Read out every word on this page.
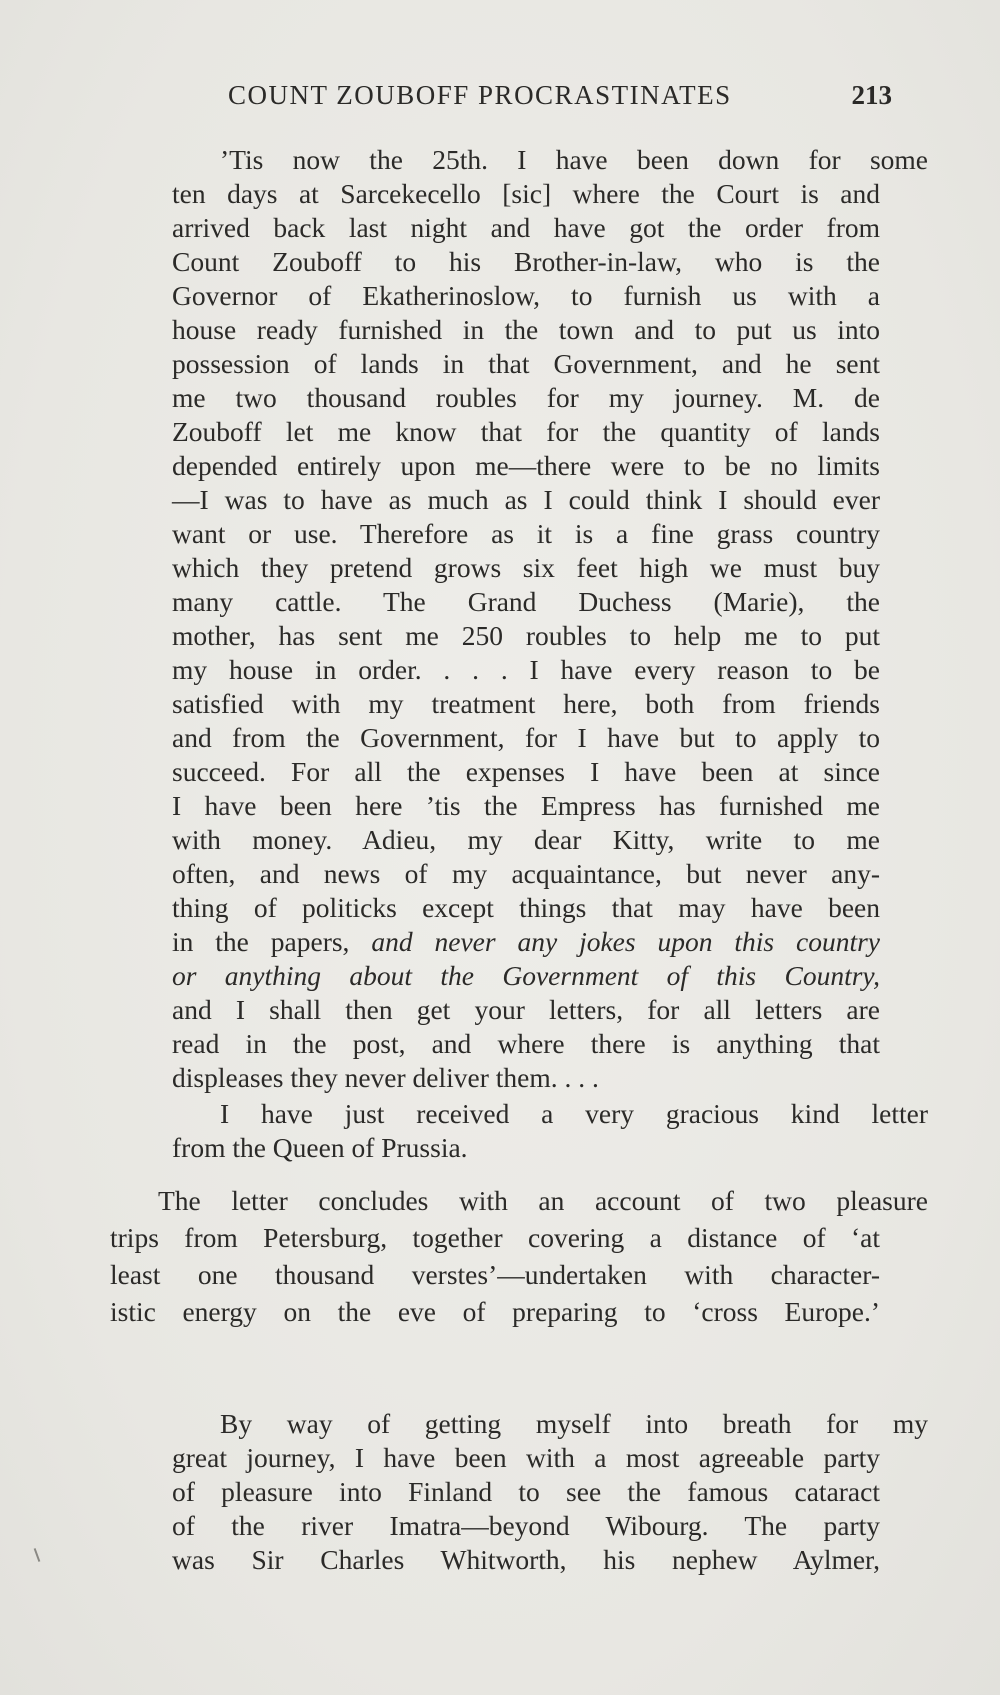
COUNT ZOUBOFF PROCRASTINATES	213
’Tis now the 25th. I have been down for some
ten days at Sarcekecello [sic] where the Court is and
arrived back last night and have got the order from
Count Zouboff to his Brother-in-law, who is the
Governor of Ekatherinoslow, to furnish us with a
house ready furnished in the town and to put us into
possession of lands in that Government, and he sent
me two thousand roubles for my journey. M. de
Zouboff let me know that for the quantity of lands
depended entirely upon me—there were to be no limits
—I was to have as much as I could think I should ever
want or use. Therefore as it is a fine grass country
which they pretend grows six feet high we must buy
many cattle. The Grand Duchess (Marie), the
mother, has sent me 250 roubles to help me to put
my house in order. . . . I have every reason to be
satisfied with my treatment here, both from friends
and from the Government, for I have but to apply to
succeed. For all the expenses I have been at since
I have been here ’tis the Empress has furnished me
with money. Adieu, my dear Kitty, write to me
often, and news of my acquaintance, but never any-
thing of politicks except things that may have been
in the papers, and never any jokes upon this country
or anything about the Government of this Country,
and I shall then get your letters, for all letters are
read in the post, and where there is anything that
displeases they never deliver them. . . .
I have just received a very gracious kind letter
from the Queen of Prussia.
The letter concludes with an account of two pleasure
trips from Petersburg, together covering a distance of ‘at
least one thousand verstes’—undertaken with character-
istic energy on the eve of preparing to ‘cross Europe.’
By way of getting myself into breath for my
great journey, I have been with a most agreeable party
of pleasure into Finland to see the famous cataract
of the river Imatra—beyond Wibourg. The party
was Sir Charles Whitworth, his nephew Aylmer,
